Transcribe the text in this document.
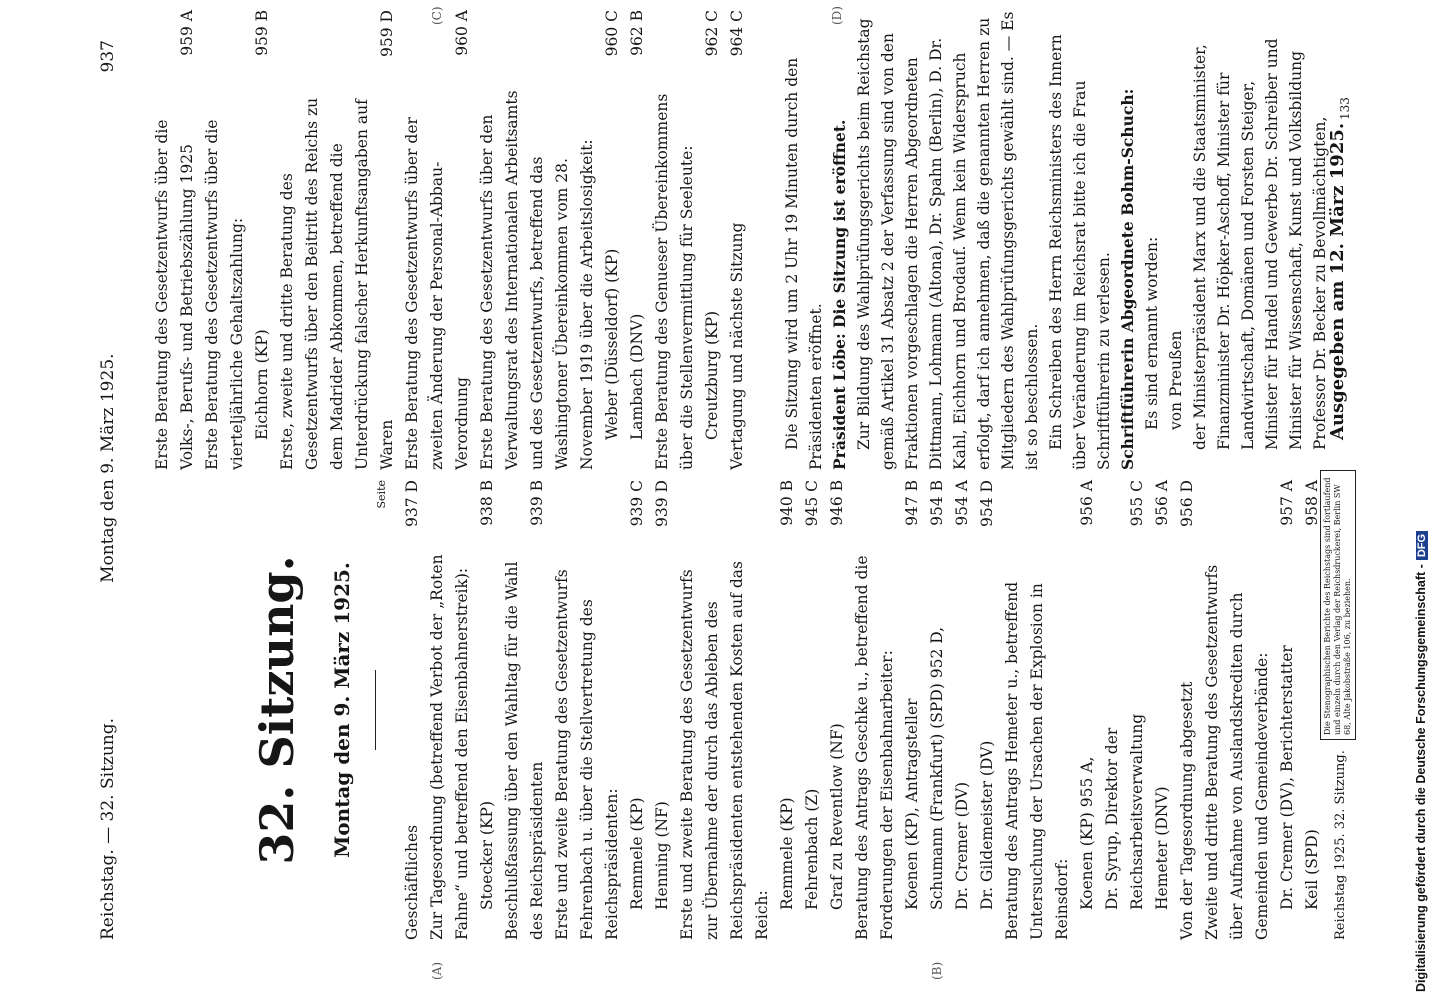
Reichstag. — 32. Sitzung.
Montag den 9. März 1925.                                                    937
32. Sitzung. Montag den 9. März 1925.
Seite
Geschäftliches
937 D
Zur Tagesordnung (betreffend Verbot der „Roten Fahne“ und betreffend den Eisenbahnerstreik): Stoecker (KP)
938 B
Beschlußfassung über den Wahltag für die Wahl des Reichspräsidenten
939 B
Erste und zweite Beratung des Gesetzentwurfs Fehrenbach u. über die Stellvertretung des Reichspräsidenten: Remmele (KP)
939 C
Henning (NF)
939 D
Erste und zweite Beratung des Gesetzentwurfs zur Übernahme der durch das Ableben des Reichspräsidenten entstehenden Kosten auf das Reich:
Remmele (KP)
940 B
Fehrenbach (Z)
945 C
Graf zu Reventlow (NF)
946 B
Beratung des Antrags Geschke u., betreffend die Forderungen der Eisenbahnarbeiter: Koenen (KP), Antragsteller
947 B
Schumann (Frankfurt) (SPD) 952 D,
954 B
Dr. Cremer (DV)
954 A
Dr. Gildemeister (DV)
954 D
Beratung des Antrags Hemeter u., betreffend Untersuchung der Ursachen der Explosion in Reinsdorf: Koenen (KP) 955 A,
956 A
Dr. Syrup, Direktor der Reichsarbeitsverwaltung
955 C
Hemeter (DNV)
956 A
Von der Tagesordnung abgesetzt
956 D
Zweite und dritte Beratung des Gesetzentwurfs über Aufnahme von Auslandskrediten durch Gemeinden und Gemeindeverbände: Dr. Cremer (DV), Berichterstatter
957 A
Keil (SPD)
958 A
Erste Beratung des Gesetzentwurfs über die Volks-, Berufs- und Betriebszählung 1925
959 A
Erste Beratung des Gesetzentwurfs über die vierteljährliche Gehaltszahlung: Eichhorn (KP)
959 B
Erste, zweite und dritte Beratung des Gesetzentwurfs über den Beitritt des Reichs zu dem Madrider Abkommen, betreffend die Unterdrückung falscher Herkunftsangaben auf Waren
959 D
Erste Beratung des Gesetzentwurfs über der zweiten Änderung der Personal-Abbau-Verordnung
960 A
Erste Beratung des Gesetzentwurfs über den Verwaltungsrat des Internationalen Arbeitsamts und des Gesetzentwurfs, betreffend das Washingtoner Übereinkommen vom 28. November 1919 über die Arbeitslosigkeit: Weber (Düsseldorf) (KP)
960 C
Lambach (DNV)
962 B
Erste Beratung des Genueser Übereinkommens über die Stellenvermittlung für Seeleute: Creutzburg (KP)
962 C
Vertagung und nächste Sitzung
964 C
Die Sitzung wird um 2 Uhr 19 Minuten durch den Präsidenten eröffnet. Präsident Löbe: Die Sitzung ist eröffnet. Zur Bildung des Wahlprüfungsgerichts beim Reichstag gemäß Artikel 31 Absatz 2 der Verfassung sind von den Fraktionen vorgeschlagen die Herren Abgeordneten Dittmann, Lohmann (Altona), Dr. Spahn (Berlin), D. Dr. Kahl, Eichhorn und Brodauf. Wenn kein Widerspruch erfolgt, darf ich annehmen, daß die genannten Herren zu Mitgliedern des Wahlprüfungsgerichts gewählt sind. — Es ist so beschlossen. Ein Schreiben des Herrn Reichsministers des Innern über Veränderung im Reichsrat bitte ich die Frau Schriftführerin zu verlesen. Schriftführerin Abgeordnete Bohm-Schuch: Es sind ernannt worden: von Preußen der Ministerpräsident Marx und die Staatsminister, Finanzminister Dr. Höpker-Aschoff, Minister für Landwirtschaft, Domänen und Forsten Steiger, Minister für Handel und Gewerbe Dr. Schreiber und Minister für Wissenschaft, Kunst und Volksbildung Professor Dr. Becker zu Bevollmächtigten,
Reichstag 1925. 32. Sitzung.
Die Stenographischen Berichte des Reichstags sind fortlaufend und einzeln durch den Verlag der Reichsdruckerei, Berlin SW 68, Alte Jakobstraße 106, zu beziehen.
Ausgegeben am 12. März 1925.
133
(A)	(B)
(C)	(D)
Digitalisierung gefördert durch die Deutsche Forschungsgemeinschaft -DFG
